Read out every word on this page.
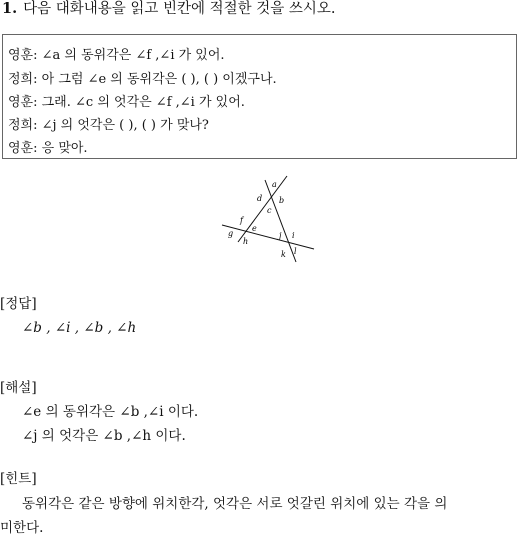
1. 다음 대화내용을 읽고 빈칸에 적절한 것을 쓰시오.
영훈: ∠a 의 동위각은 ∠f ,∠i 가 있어.
정희: 아 그럼 ∠e 의 동위각은 ( ), ( ) 이겠구나.
영훈: 그래. ∠c 의 엇각은 ∠f ,∠i 가 있어.
정희: ∠j 의 엇각은 ( ), ( ) 가 맞나?
영훈: 응 맞아.
a
d b
c
f
e
g
h
j i
k l
[정답]
∠b , ∠i , ∠b , ∠h
[해설]
∠e 의 동위각은 ∠b ,∠i 이다.
∠j 의 엇각은 ∠b ,∠h 이다.
[힌트]
동위각은 같은 방향에 위치한각, 엇각은 서로 엇갈린 위치에 있는 각을 의
미한다.
